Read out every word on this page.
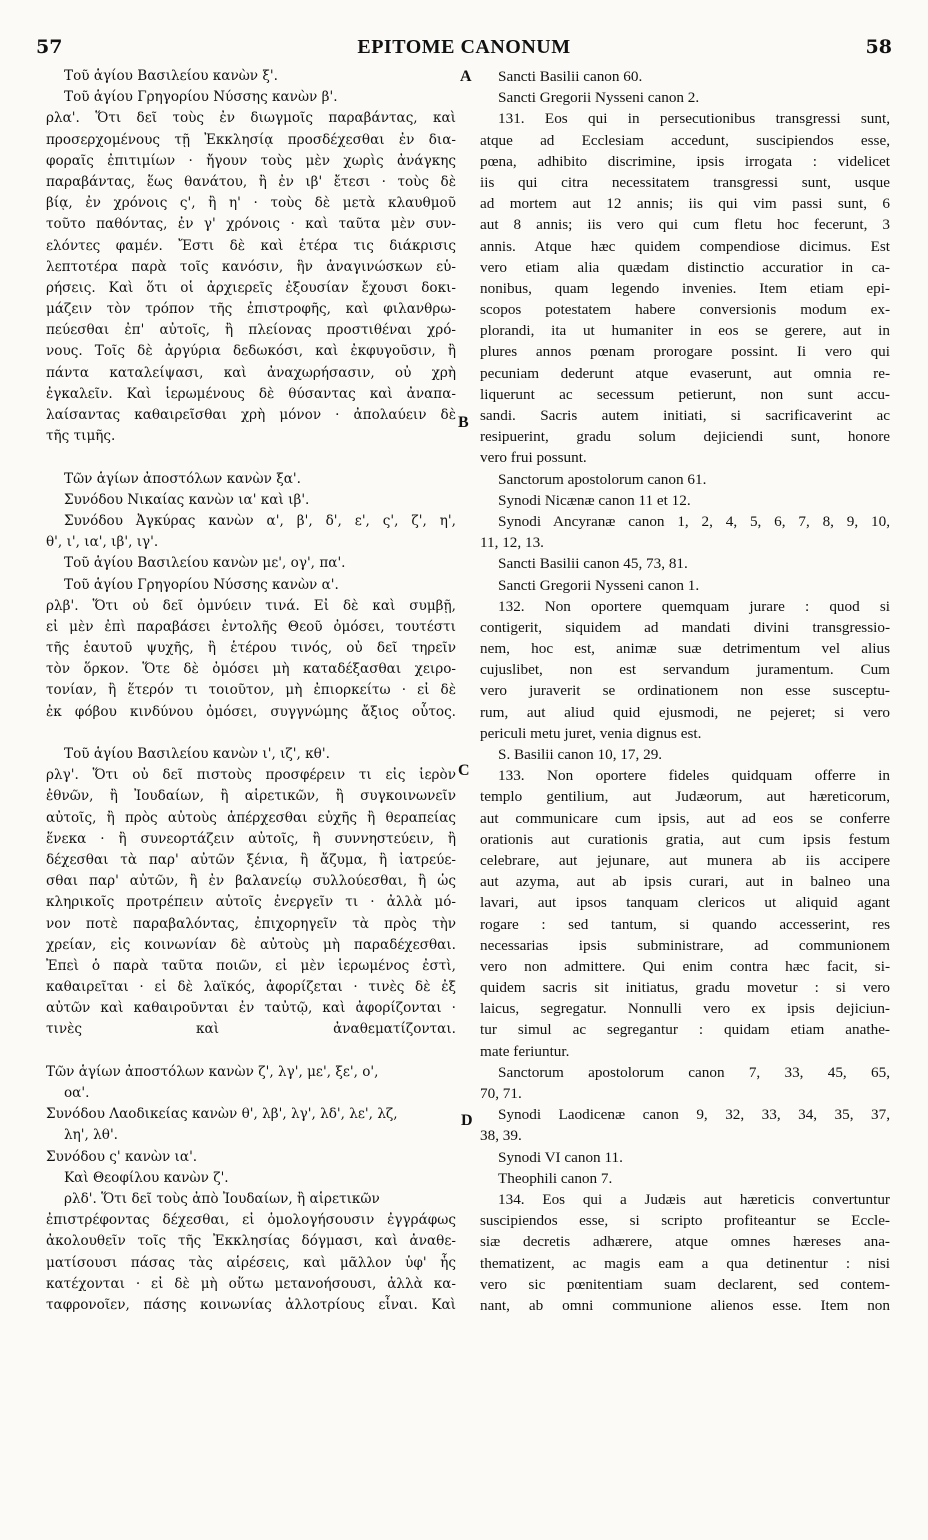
57	EPITOME CANONUM	58
Τοῦ ἁγίου Βασιλείου κανὼν ξ'.
Τοῦ ἁγίου Γρηγορίου Νύσσης κανὼν β'.
ρλα'. Ὅτι δεῖ τοὺς ἐν διωγμοῖς παραβάντας, καὶ
προσερχομένους τῇ Ἐκκλησίᾳ προσδέχεσθαι ἐν δια-
φοραῖς ἐπιτιμίων · ἤγουν τοὺς μὲν χωρὶς ἀνάγκης
παραβάντας, ἕως θανάτου, ἢ ἐν ιβ' ἔτεσι · τοὺς δὲ
βίᾳ, ἐν χρόνοις ς', ἢ η' · τοὺς δὲ μετὰ κλαυθμοῦ
τοῦτο παθόντας, ἐν γ' χρόνοις · καὶ ταῦτα μὲν συν-
ελόντες φαμέν. Ἔστι δὲ καὶ ἑτέρα τις διάκρισις
λεπτοτέρα παρὰ τοῖς κανόσιν, ἣν ἀναγινώσκων εὑ-
ρήσεις. Καὶ ὅτι οἱ ἀρχιερεῖς ἐξουσίαν ἔχουσι δοκι-
μάζειν τὸν τρόπον τῆς ἐπιστροφῆς, καὶ φιλανθρω-
πεύεσθαι ἐπ' αὐτοῖς, ἢ πλείονας προστιθέναι χρό-
νους. Τοῖς δὲ ἀργύρια δεδωκόσι, καὶ ἐκφυγοῦσιν, ἢ
πάντα καταλείψασι, καὶ ἀναχωρήσασιν, οὐ χρὴ
ἐγκαλεῖν. Καὶ ἱερωμένους δὲ θύσαντας καὶ ἀναπα-
λαίσαντας καθαιρεῖσθαι χρὴ μόνον · ἀπολαύειν δὲ
τῆς τιμῆς.
Τῶν ἁγίων ἀποστόλων κανὼν ξα'.
Συνόδου Νικαίας κανὼν ια' καὶ ιβ'.
Συνόδου Ἀγκύρας κανὼν α', β', δ', ε', ς', ζ', η',
θ', ι', ια', ιβ', ιγ'.
Τοῦ ἁγίου Βασιλείου κανὼν με', ογ', πα'.
Τοῦ ἁγίου Γρηγορίου Νύσσης κανὼν α'.
ρλβ'. Ὅτι οὐ δεῖ ὀμνύειν τινά. Εἰ δὲ καὶ συμβῇ,
εἰ μὲν ἐπὶ παραβάσει ἐντολῆς Θεοῦ ὀμόσει, τουτέστι
τῆς ἑαυτοῦ ψυχῆς, ἢ ἑτέρου τινός, οὐ δεῖ τηρεῖν
τὸν ὅρκον. Ὅτε δὲ ὀμόσει μὴ καταδέξασθαι χειρο-
τονίαν, ἢ ἕτερόν τι τοιοῦτον, μὴ ἐπιορκείτω · εἰ δὲ
ἐκ φόβου κινδύνου ὀμόσει, συγγνώμης ἄξιος οὗτος.
Τοῦ ἁγίου Βασιλείου κανὼν ι', ιζ', κθ'.
ρλγ'. Ὅτι οὐ δεῖ πιστοὺς προσφέρειν τι εἰς ἱερὸν
ἐθνῶν, ἢ Ἰουδαίων, ἢ αἱρετικῶν, ἢ συγκοινωνεῖν
αὐτοῖς, ἢ πρὸς αὐτοὺς ἀπέρχεσθαι εὐχῆς ἢ θεραπείας
ἕνεκα · ἢ συνεορτάζειν αὐτοῖς, ἢ συννηστεύειν, ἢ
δέχεσθαι τὰ παρ' αὐτῶν ξένια, ἢ ἄζυμα, ἢ ἰατρεύε-
σθαι παρ' αὐτῶν, ἢ ἐν βαλανείῳ συλλούεσθαι, ἢ ὡς
κληρικοῖς προτρέπειν αὐτοῖς ἐνεργεῖν τι · ἀλλὰ μό-
νον ποτὲ παραβαλόντας, ἐπιχορηγεῖν τὰ πρὸς τὴν
χρείαν, εἰς κοινωνίαν δὲ αὐτοὺς μὴ παραδέχεσθαι.
Ἐπεὶ ὁ παρὰ ταῦτα ποιῶν, εἰ μὲν ἱερωμένος ἐστὶ,
καθαιρεῖται · εἰ δὲ λαϊκός, ἀφορίζεται · τινὲς δὲ ἐξ
αὐτῶν καὶ καθαιροῦνται ἐν ταὐτῷ, καὶ ἀφορίζονται ·
τινὲς καὶ ἀναθεματίζονται.
Τῶν ἁγίων ἀποστόλων κανὼν ζ', λγ', με', ξε', ο',
οα'.
Συνόδου Λαοδικείας κανὼν θ', λβ', λγ', λδ', λε', λζ,
λη', λθ'.
Συνόδου ς' κανὼν ια'.
Καὶ Θεοφίλου κανὼν ζ'.
ρλδ'. Ὅτι δεῖ τοὺς ἀπὸ Ἰουδαίων, ἢ αἱρετικῶν
ἐπιστρέφοντας δέχεσθαι, εἰ ὁμολογήσουσιν ἐγγράφως
ἀκολουθεῖν τοῖς τῆς Ἐκκλησίας δόγμασι, καὶ ἀναθε-
ματίσουσι πάσας τὰς αἱρέσεις, καὶ μᾶλλον ὑφ' ἧς
κατέχονται · εἰ δὲ μὴ οὕτω μετανοήσουσι, ἀλλὰ κα-
ταφρονοῖεν, πάσης κοινωνίας ἀλλοτρίους εἶναι. Καὶ
Sancti Basilii canon 60.
Sancti Gregorii Nysseni canon 2.
131. Eos qui in persecutionibus transgressi sunt,
atque ad Ecclesiam accedunt, suscipiendos esse,
pœna, adhibito discrimine, ipsis irrogata : videlicet
iis qui citra necessitatem transgressi sunt, usque
ad mortem aut 12 annis; iis qui vim passi sunt, 6
aut 8 annis; iis vero qui cum fletu hoc fecerunt, 3
annis. Atque hæc quidem compendiose dicimus. Est
vero etiam alia quædam distinctio accuratior in ca-
nonibus, quam legendo invenies. Item etiam epi-
scopos potestatem habere conversionis modum ex-
plorandi, ita ut humaniter in eos se gerere, aut in
plures annos pœnam prorogare possint. Ii vero qui
pecuniam dederunt atque evaserunt, aut omnia re-
liquerunt ac secessum petierunt, non sunt accu-
sandi. Sacris autem initiati, si sacrificaverint ac
resipuerint, gradu solum dejiciendi sunt, honore
vero frui possunt.
Sanctorum apostolorum canon 61.
Synodi Nicænæ canon 11 et 12.
Synodi Ancyranæ canon 1, 2, 4, 5, 6, 7, 8, 9, 10,
11, 12, 13.
Sancti Basilii canon 45, 73, 81.
Sancti Gregorii Nysseni canon 1.
132. Non oportere quemquam jurare : quod si
contigerit, siquidem ad mandati divini transgressio-
nem, hoc est, animæ suæ detrimentum vel alius
cujuslibet, non est servandum juramentum. Cum
vero juraverit se ordinationem non esse susceptu-
rum, aut aliud quid ejusmodi, ne pejeret; si vero
periculi metu juret, venia dignus est.
S. Basilii canon 10, 17, 29.
133. Non oportere fideles quidquam offerre in
templo gentilium, aut Judæorum, aut hæreticorum,
aut communicare cum ipsis, aut ad eos se conferre
orationis aut curationis gratia, aut cum ipsis festum
celebrare, aut jejunare, aut munera ab iis accipere
aut azyma, aut ab ipsis curari, aut in balneo una
lavari, aut ipsos tanquam clericos ut aliquid agant
rogare : sed tantum, si quando accesserint, res
necessarias ipsis subministrare, ad communionem
vero non admittere. Qui enim contra hæc facit, si-
quidem sacris sit initiatus, gradu movetur : si vero
laicus, segregatur. Nonnulli vero ex ipsis dejiciun-
tur simul ac segregantur : quidam etiam anathe-
mate feriuntur.
Sanctorum apostolorum canon 7, 33, 45, 65,
70, 71.
Synodi Laodicenæ canon 9, 32, 33, 34, 35, 37,
38, 39.
Synodi VI canon 11.
Theophili canon 7.
134. Eos qui a Judæis aut hæreticis convertuntur
suscipiendos esse, si scripto profiteantur se Eccle-
siæ decretis adhærere, atque omnes hæreses ana-
thematizent, ac magis eam a qua detinentur : nisi
vero sic pœnitentiam suam declarent, sed contem-
nant, ab omni communione alienos esse. Item non
A
B
C
D
